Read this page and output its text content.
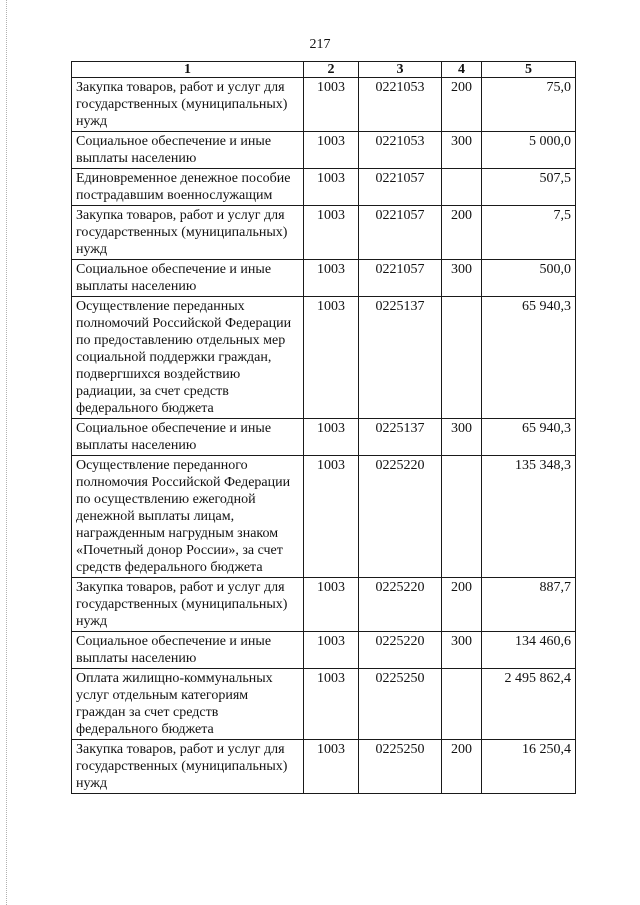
217
1	2	3	4	5
Закупка товаров, работ и услуг для государственных (муниципальных) нужд	1003	0221053	200	75,0
Социальное обеспечение и иные выплаты населению	1003	0221053	300	5 000,0
Единовременное денежное пособие пострадавшим военнослужащим	1003	0221057		507,5
Закупка товаров, работ и услуг для государственных (муниципальных) нужд	1003	0221057	200	7,5
Социальное обеспечение и иные выплаты населению	1003	0221057	300	500,0
Осуществление переданных полномочий Российской Федерации по предоставлению отдельных мер социальной поддержки граждан, подвергшихся воздействию радиации, за счет средств федерального бюджета	1003	0225137		65 940,3
Социальное обеспечение и иные выплаты населению	1003	0225137	300	65 940,3
Осуществление переданного полномочия Российской Федерации по осуществлению ежегодной денежной выплаты лицам, награжденным нагрудным знаком «Почетный донор России», за счет средств федерального бюджета	1003	0225220		135 348,3
Закупка товаров, работ и услуг для государственных (муниципальных) нужд	1003	0225220	200	887,7
Социальное обеспечение и иные выплаты населению	1003	0225220	300	134 460,6
Оплата жилищно-коммунальных услуг отдельным категориям граждан за счет средств федерального бюджета	1003	0225250		2 495 862,4
Закупка товаров, работ и услуг для государственных (муниципальных) нужд	1003	0225250	200	16 250,4
